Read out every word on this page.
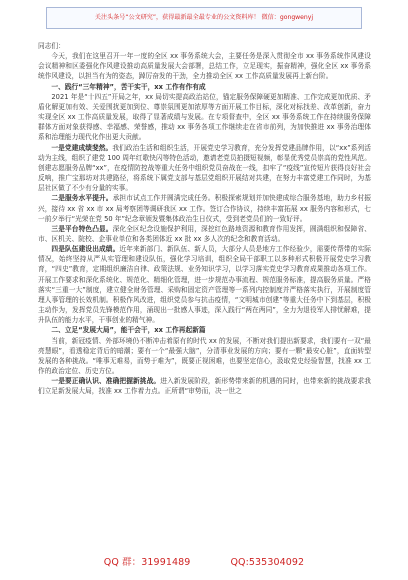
关注头条号“公文研究”，获得最新最全最专业的公文资料库！ 微信：gongwenyj

同志们：

今天，我们在这里召开一年一度的全区 xx 事务系统大会，主要任务是深入贯彻全市 xx 事务系统作风建设会议精神和区委强化作风建设推动高质量发展大会部署，总结工作，立足现实，振奋精神，强化全区 xx 事务系统作风建设，以担当有为的姿态，踔厉奋发的干劲，全力推动全区 xx 工作高质量发展再上新台阶。

一、践行“三年精神”，苦干实干，xx 工作有作有成

2021 年是“十四五”开局之年，xx 局切实提高政治站位，锚定服务保障硬更加精准、工作完成更加优质、矛盾化解更加有效、关爱围扰更加到位、尊崇氛围更加浓厚等方面开展工作目标，深化对标找差、改革创新，奋力实现全区 xx 工作高质量发展，取得了显著成绩与发展。在专项督查中，全区 xx 事务系统工作在持续服务保障群体方面对象获得感、幸福感、荣誉感，推动 xx 事务各项工作继续走在省市前列，为加快推进 xx 事务治理体系和治理能力现代化作出更大贡献。

一是党建成绩斐然。我们政治生活和组织生活，开展党史学习教育，充分发挥党建品牌作用，以“xx”系列活动为主线，组织了建党 100 周年红歌快闪等特色活动，邀请老党员拍摄短视频，彰显优秀党员崇高的党性风范。创建志愿服务品牌“xx”，在疫情防控战等重大任务中组织党员奋战在一线，扣牢了“疫线”宣传短片获得良好社会反响，推广宝那坊对共建路径，将系统下属党支部与基层党组织开展结对共建，在努力丰富党建工作同时，为基层社区做了不少有分量的实事。

二是服务水平提升。承担市试点工作并圆满完成任务。积极探索规划并加快建成综合服务基地，助力乡村振兴，接待 xx 省 xx 市 xx 局考察团等调研我区 xx 工作。签订合作协议，持续丰富拓展 xx 服务内容和形式，七一前夕举行“光荣在党 50 年”纪念章颁发暨集体政治生日仪式，受到老党员们的一致好评。

三是平台特色凸显。深化全区纪念设施保护利用，深挖红色路地资源和教育作用发挥，圆满组织和保障省、市、区机关、院校、企事业单位和各类团体近 xx 批 xx 多人次的纪念和教育活动。

四是队伍建设出成绩。近年来新部门、新队伍、新人员，大部分人员是地方工作经验少，需要传帮带的实际情况，始终坚持从严从实管理和建设队伍，强化学习培训，组织全局干部职工以多种形式积极开展党史学习教育，“四史”教育，定期组织廉洁自律、政策法规、业务知识学习，以学习落实党史学习教育成果推动各项工作。开展工作要求和深化系统化、规范化、精细化管理，进一步规范办事流程、规范服务标准，提高服务质量。严格落实“三重一大”制度，建立健全财务管理、采购和固定资产管理等一系列内控制度并严格落实执行，开展制度管理人事管理的长效机制。积极作风改进，组织党员参与抗击疫情，“文明城市创建”等重大任务中下到基层，积极主动作为，发挥党员先锋模范作用，涌现出一批感人事迹，深入践行“两在两同”，全力为退役军人排忧解难，提升队伍的能力水平，干事创业的精气神。

二、立足“发展大局”，能干会干，xx 工作再起新篇

当前，新冠疫情、外部环境仍不断冲击着原有的时代 xx 的发展，不断对我们提出新要求，我们要有一双“最亮慧眼”，看透稳定背后的暗潮；要有一个“最强大脑”，分清事业发展的方向；要有一颗“最安心脏”，直面转型发展的各种挑战。“唯事无难易，而势于难为”，既要正视困难，也要坚定信心，汲取党史经验智慧，找准 xx 工作的政治定位、历史方位。

一是要正确认识、准确把握新挑战。进入新发展阶段，新形势带来新的机遇的同时，也带来新的挑战要求我们立足新发展大局，找准 xx 工作着力点。正所谓“审势而，决一世之

QQ 群：31991489	QQ:535304092
